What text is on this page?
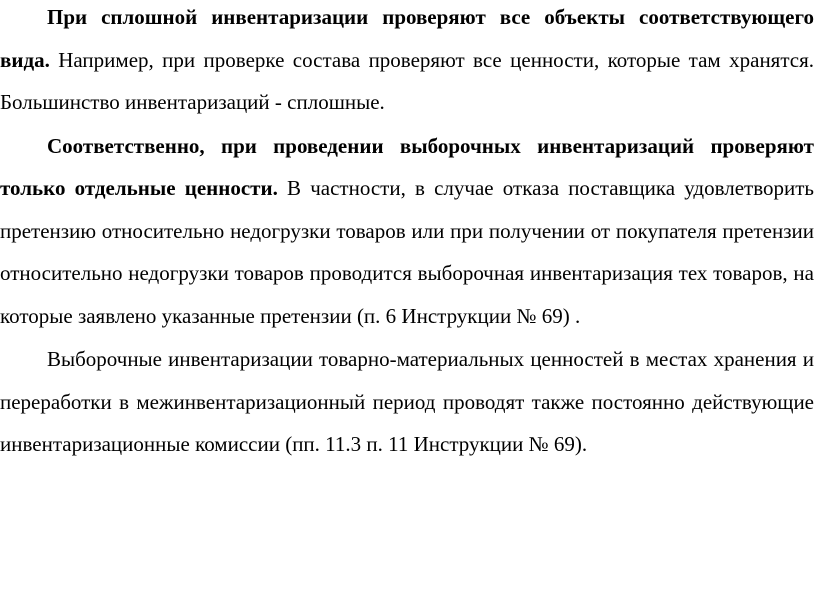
При сплошной инвентаризации проверяют все объекты соответствующего вида. Например, при проверке состава проверяют все ценности, которые там хранятся. Большинство инвентаризаций - сплошные.

Соответственно, при проведении выборочных инвентаризаций проверяют только отдельные ценности. В частности, в случае отказа поставщика удовлетворить претензию относительно недогрузки товаров или при получении от покупателя претензии относительно недогрузки товаров проводится выборочная инвентаризация тех товаров, на которые заявлено указанные претензии (п. 6 Инструкции № 69) .

Выборочные инвентаризации товарно-материальных ценностей в местах хранения и переработки в межинвентаризационный период проводят также постоянно действующие инвентаризационные комиссии (пп. 11.3 п. 11 Инструкции № 69).
